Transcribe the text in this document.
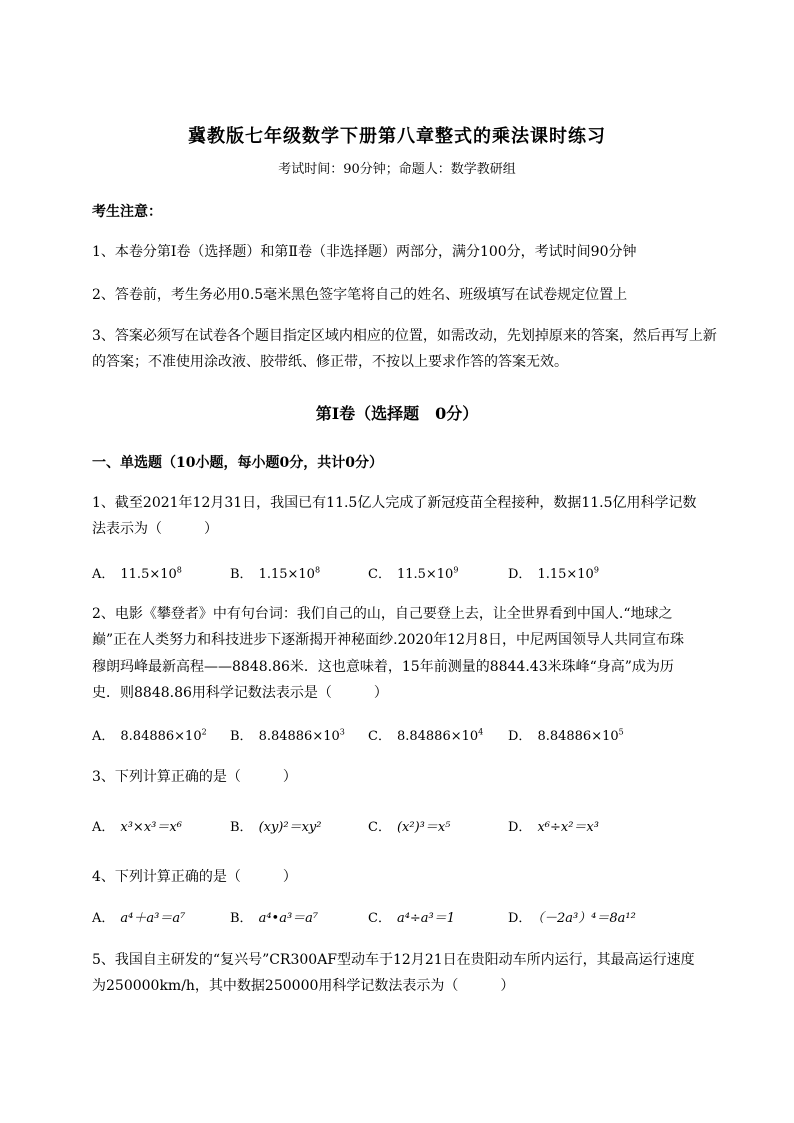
冀教版七年级数学下册第八章整式的乘法课时练习
考试时间：90分钟；命题人：数学教研组
考生注意：
1、本卷分第I卷（选择题）和第Ⅱ卷（非选择题）两部分，满分100分，考试时间90分钟
2、答卷前，考生务必用0.5毫米黑色签字笔将自己的姓名、班级填写在试卷规定位置上
3、答案必须写在试卷各个题目指定区域内相应的位置，如需改动，先划掉原来的答案，然后再写上新
的答案；不准使用涂改液、胶带纸、修正带，不按以上要求作答的答案无效。
第I卷（选择题　0分）
一、单选题（10小题，每小题0分，共计0分）
1、截至2021年12月31日，我国已有11.5亿人完成了新冠疫苗全程接种，数据11.5亿用科学记数
法表示为（　　　）
A． $11.5\times 10^8$	B． $1.15\times 10^8$	C． $11.5\times 10^9$	D． $1.15\times 10^9$
2、电影《攀登者》中有句台词：我们自己的山，自己要登上去，让全世界看到中国人.“地球之
巅”正在人类努力和科技进步下逐渐揭开神秘面纱.2020年12月8日，中尼两国领导人共同宣布珠
穆朗玛峰最新高程——8848.86米．这也意味着，15年前测量的8844.43米珠峰“身高”成为历
史．则8848.86用科学记数法表示是（　　　）
A． $8.84886\times 10^2$ B． $8.84886\times 10^3$ C． $8.84886\times 10^4$ D． $8.84886\times 10^5$
3、下列计算正确的是（　　　）
A． x³×x³＝x⁶	B． (xy)²＝xy²	C． (x²)³＝x⁵	D． x⁶÷x²＝x³
4、下列计算正确的是（　　　）
A． a⁴＋a³＝a⁷	B． a⁴•a³＝a⁷	C． a⁴÷a³＝1	D． （－2a³）⁴＝8a¹²
5、我国自主研发的“复兴号”CR300AF型动车于12月21日在贵阳动车所内运行，其最高运行速度
为250000km/h，其中数据250000用科学记数法表示为（　　　）
